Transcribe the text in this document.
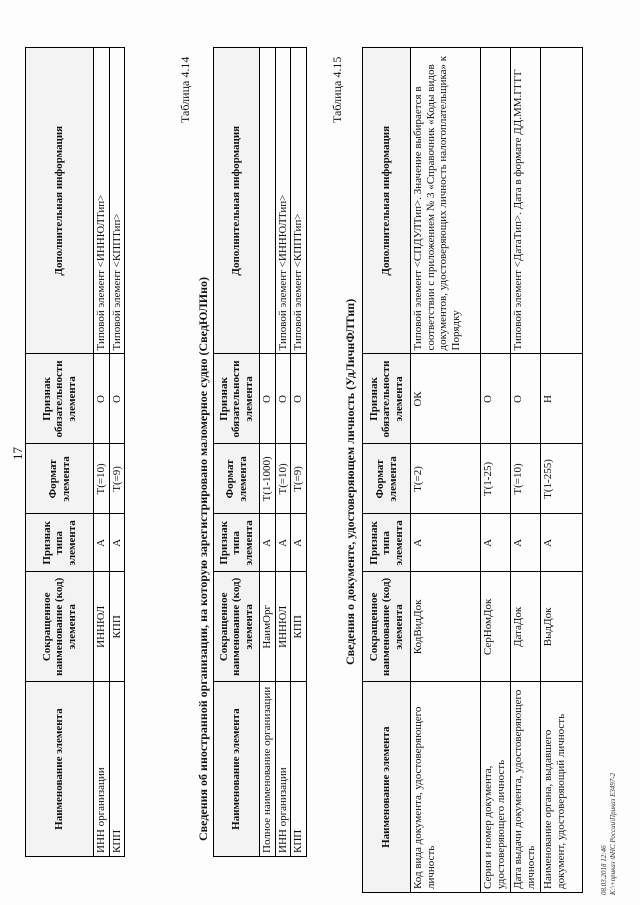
17
Наименование элемента	Сокращенное наименование (код) элемента	Признак типа элемента	Формат элемента	Признак обязательности элемента	Дополнительная информация
ИНН организации	ИННЮЛ	А	T(=10)	О	Типовой элемент <ИННЮЛТип>
КПП	КПП	А	T(=9)	О	Типовой элемент <КППТип>
Таблица 4.14
Сведения об иностранной организации, на которую зарегистрировано маломерное судно (СведЮЛИно) Наименование элемента	Сокращенное наименование (код) элемента	Признак типа элемента	Формат элемента	Признак обязательности элемента	Дополнительная информация
Полное наименование организации	НаимОрг	А	T(1-1000)	О	
ИНН организации	ИННЮЛ	А	T(=10)	О	Типовой элемент <ИННЮЛТип>
КПП	КПП	А	T(=9)	О	Типовой элемент <КППТип>
Таблица 4.15
Сведения о документе, удостоверяющем личность (УдЛичнФЛТип)
Наименование элемента	Сокращенное наименование (код) элемента	Признак типа элемента	Формат элемента	Признак обязательности элемента	Дополнительная информация
Код вида документа, удостоверяющего личность	КодВидДок	А	T(=2)	ОК	Типовой элемент <СПДУЛТип>. Значение выбирается в соответствии с приложением № 3 «Справочник «Коды видов документов, удостоверяющих личность налогоплательщика» к Порядку
Серия и номер документа, удостоверяющего личность	СерНомДок	А	T(1-25)	О	
Дата выдачи документа, удостоверяющего личность	ДатаДок	А	T(=10)	О	Типовой элемент <ДатаТип>. Дата в формате ДД.ММ.ГГГГ
Наименование органа, выдавшего документ, удостоверяющий личность	ВыдДок	А	T(1-255)	Н	
08.03.2018 12:46 К:\+приказ ФНС России\Приказ ЕЗ497-2
